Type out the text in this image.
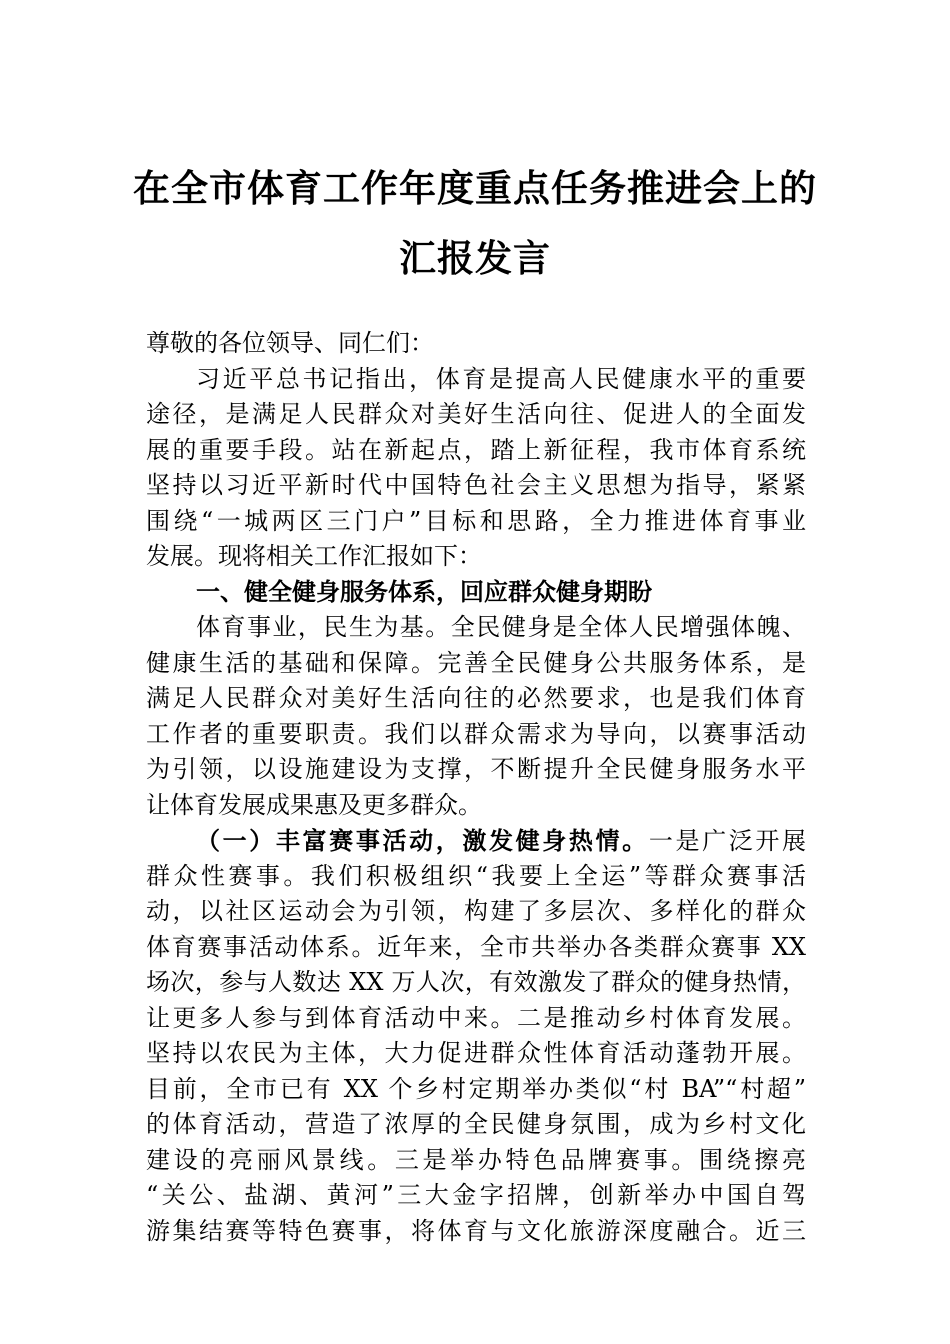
在全市体育工作年度重点任务推进会上的
汇报发言
尊敬的各位领导、同仁们：
习近平总书记指出，体育是提高人民健康水平的重要
途径，是满足人民群众对美好生活向往、促进人的全面发
展的重要手段。站在新起点，踏上新征程，我市体育系统
坚持以习近平新时代中国特色社会主义思想为指导，紧紧
围绕“一城两区三门户”目标和思路，全力推进体育事业
发展。现将相关工作汇报如下：
一、健全健身服务体系，回应群众健身期盼
体育事业，民生为基。全民健身是全体人民增强体魄、
健康生活的基础和保障。完善全民健身公共服务体系，是
满足人民群众对美好生活向往的必然要求，也是我们体育
工作者的重要职责。我们以群众需求为导向，以赛事活动
为引领，以设施建设为支撑，不断提升全民健身服务水平
让体育发展成果惠及更多群众。
（一）丰富赛事活动，激发健身热情。一是广泛开展
群众性赛事。我们积极组织“我要上全运”等群众赛事活
动，以社区运动会为引领，构建了多层次、多样化的群众
体育赛事活动体系。近年来，全市共举办各类群众赛事 XX
场次，参与人数达 XX 万人次，有效激发了群众的健身热情，
让更多人参与到体育活动中来。二是推动乡村体育发展。
坚持以农民为主体，大力促进群众性体育活动蓬勃开展。
目前，全市已有 XX 个乡村定期举办类似“村 BA”“村超”
的体育活动，营造了浓厚的全民健身氛围，成为乡村文化
建设的亮丽风景线。三是举办特色品牌赛事。围绕擦亮
“关公、盐湖、黄河”三大金字招牌，创新举办中国自驾
游集结赛等特色赛事，将体育与文化旅游深度融合。近三
